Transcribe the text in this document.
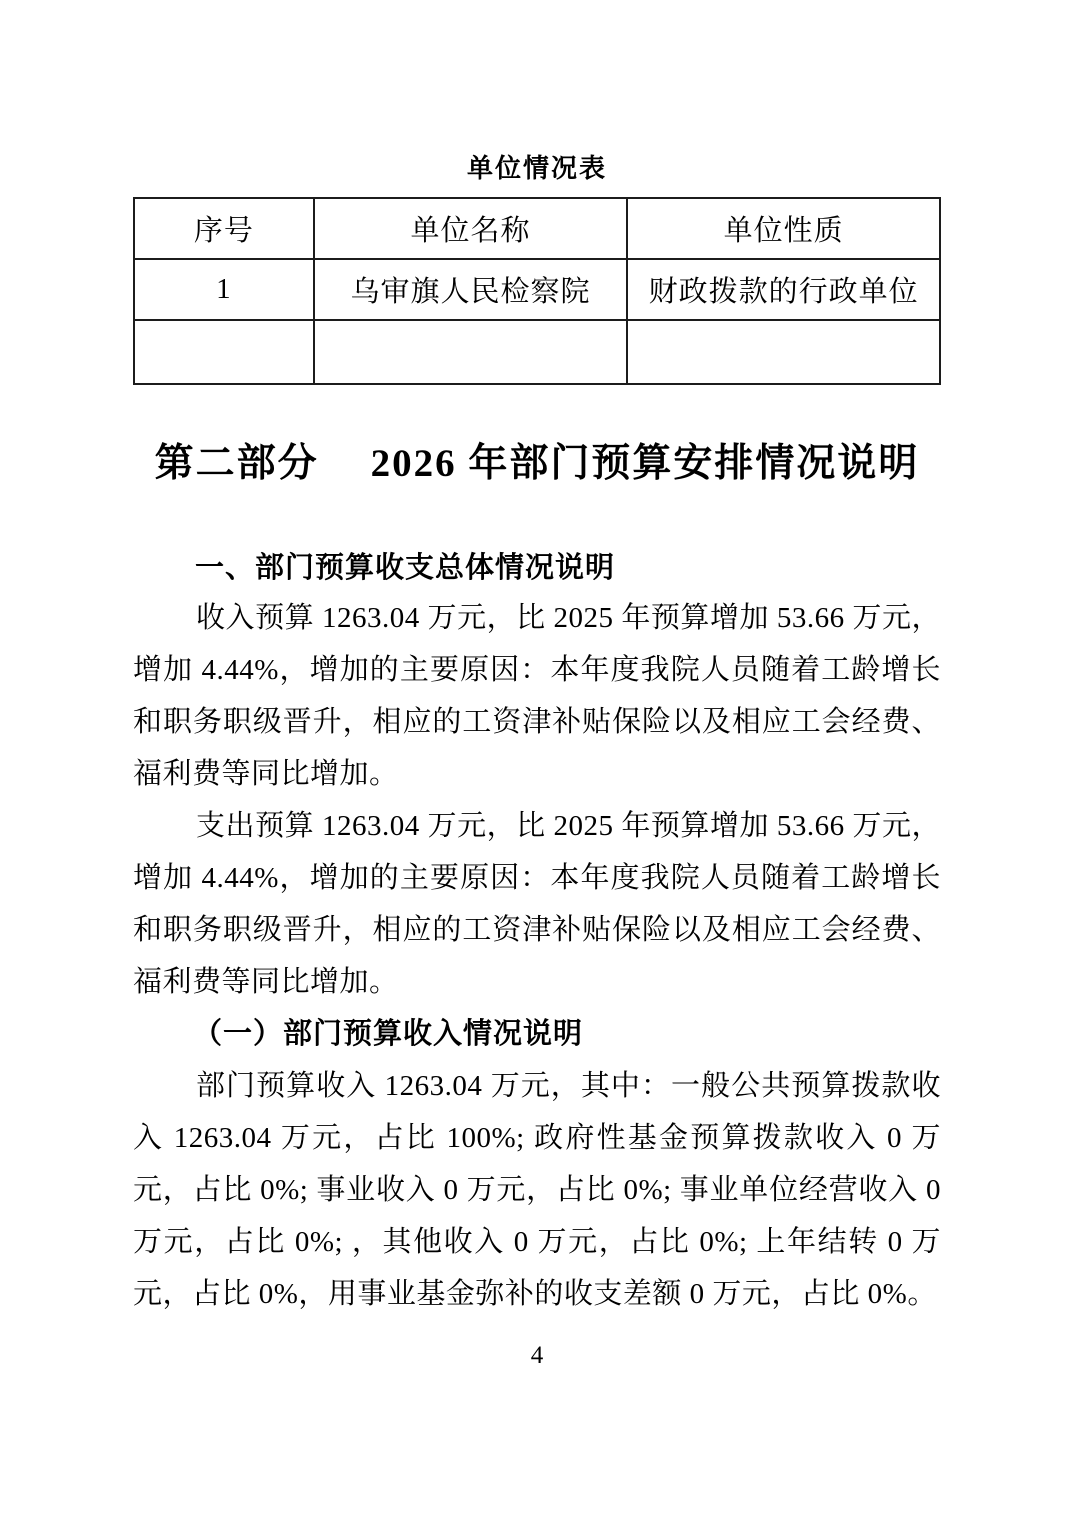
单位情况表
序号	单位名称	单位性质
1	乌审旗人民检察院	财政拨款的行政单位

第二部分 2026 年部门预算安排情况说明
一、部门预算收支总体情况说明

收入预算 1263.04 万元，比 2025 年预算增加 53.66 万元，增加 4.44%，增加的主要原因：本年度我院人员随着工龄增长和职务职级晋升，相应的工资津补贴保险以及相应工会经费、福利费等同比增加。

支出预算 1263.04 万元，比 2025 年预算增加 53.66 万元，增加 4.44%，增加的主要原因：本年度我院人员随着工龄增长和职务职级晋升，相应的工资津补贴保险以及相应工会经费、福利费等同比增加。

（一）部门预算收入情况说明

部门预算收入 1263.04 万元，其中：一般公共预算拨款收入 1263.04 万元，占比 100%; 政府性基金预算拨款收入 0 万元，占比 0%; 事业收入 0 万元，占比 0%; 事业单位经营收入 0 万元，占比 0%; ，其他收入 0 万元，占比 0%; 上年结转 0 万元，占比 0%，用事业基金弥补的收支差额 0 万元，占比 0%。

4
